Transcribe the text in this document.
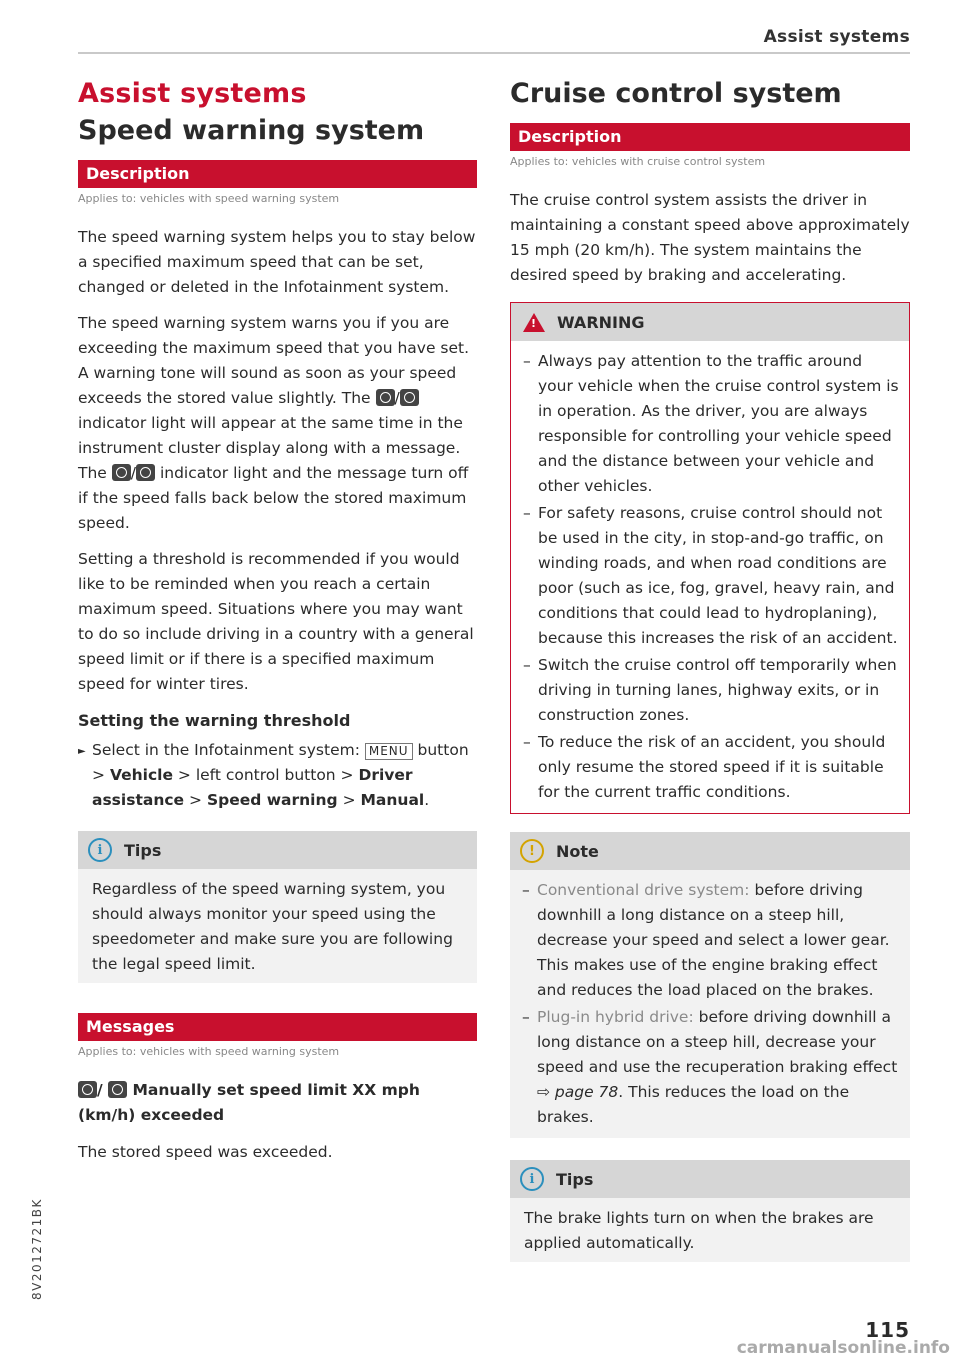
Assist systems
Assist systems
Speed warning system
Description
Applies to: vehicles with speed warning system

The speed warning system helps you to stay below a specified maximum speed that can be set, changed or deleted in the Infotainment system.

The speed warning system warns you if you are exceeding the maximum speed that you have set. A warning tone will sound as soon as your speed exceeds the stored value slightly. The / indicator light will appear at the same time in the instrument cluster display along with a message. The / indicator light and the message turn off if the speed falls back below the stored maximum speed.

Setting a threshold is recommended if you would like to be reminded when you reach a certain maximum speed. Situations where you may want to do so include driving in a country with a general speed limit or if there is a specified maximum speed for winter tires.

Setting the warning threshold
► Select in the Infotainment system: MENU button > Vehicle > left control button > Driver assistance > Speed warning > Manual.
i	Tips
Regardless of the speed warning system, you should always monitor your speed using the speedometer and make sure you are following the legal speed limit.
Messages
Applies to: vehicles with speed warning system
/  Manually set speed limit XX mph (km/h) exceeded

The stored speed was exceeded.

Cruise control system
Description
Applies to: vehicles with cruise control system

The cruise control system assists the driver in maintaining a constant speed above approximately 15 mph (20 km/h). The system maintains the desired speed by braking and accelerating.

!
WARNING
– Always pay attention to the traffic around your vehicle when the cruise control system is in operation. As the driver, you are always responsible for controlling your vehicle speed and the distance between your vehicle and other vehicles.
– For safety reasons, cruise control should not be used in the city, in stop-and-go traffic, on winding roads, and when road conditions are poor (such as ice, fog, gravel, heavy rain, and conditions that could lead to hydroplaning), because this increases the risk of an accident.
– Switch the cruise control off temporarily when driving in turning lanes, highway exits, or in construction zones.
– To reduce the risk of an accident, you should only resume the stored speed if it is suitable for the current traffic conditions.
!	Note
– Conventional drive system: before driving downhill a long distance on a steep hill, decrease your speed and select a lower gear. This makes use of the engine braking effect and reduces the load placed on the brakes.
– Plug-in hybrid drive: before driving downhill a long distance on a steep hill, decrease your speed and use the recuperation braking effect ⇨ page 78. This reduces the load on the brakes.
i	Tips
The brake lights turn on when the brakes are applied automatically.
8V2012721BK
115
carmanualsonline.info
